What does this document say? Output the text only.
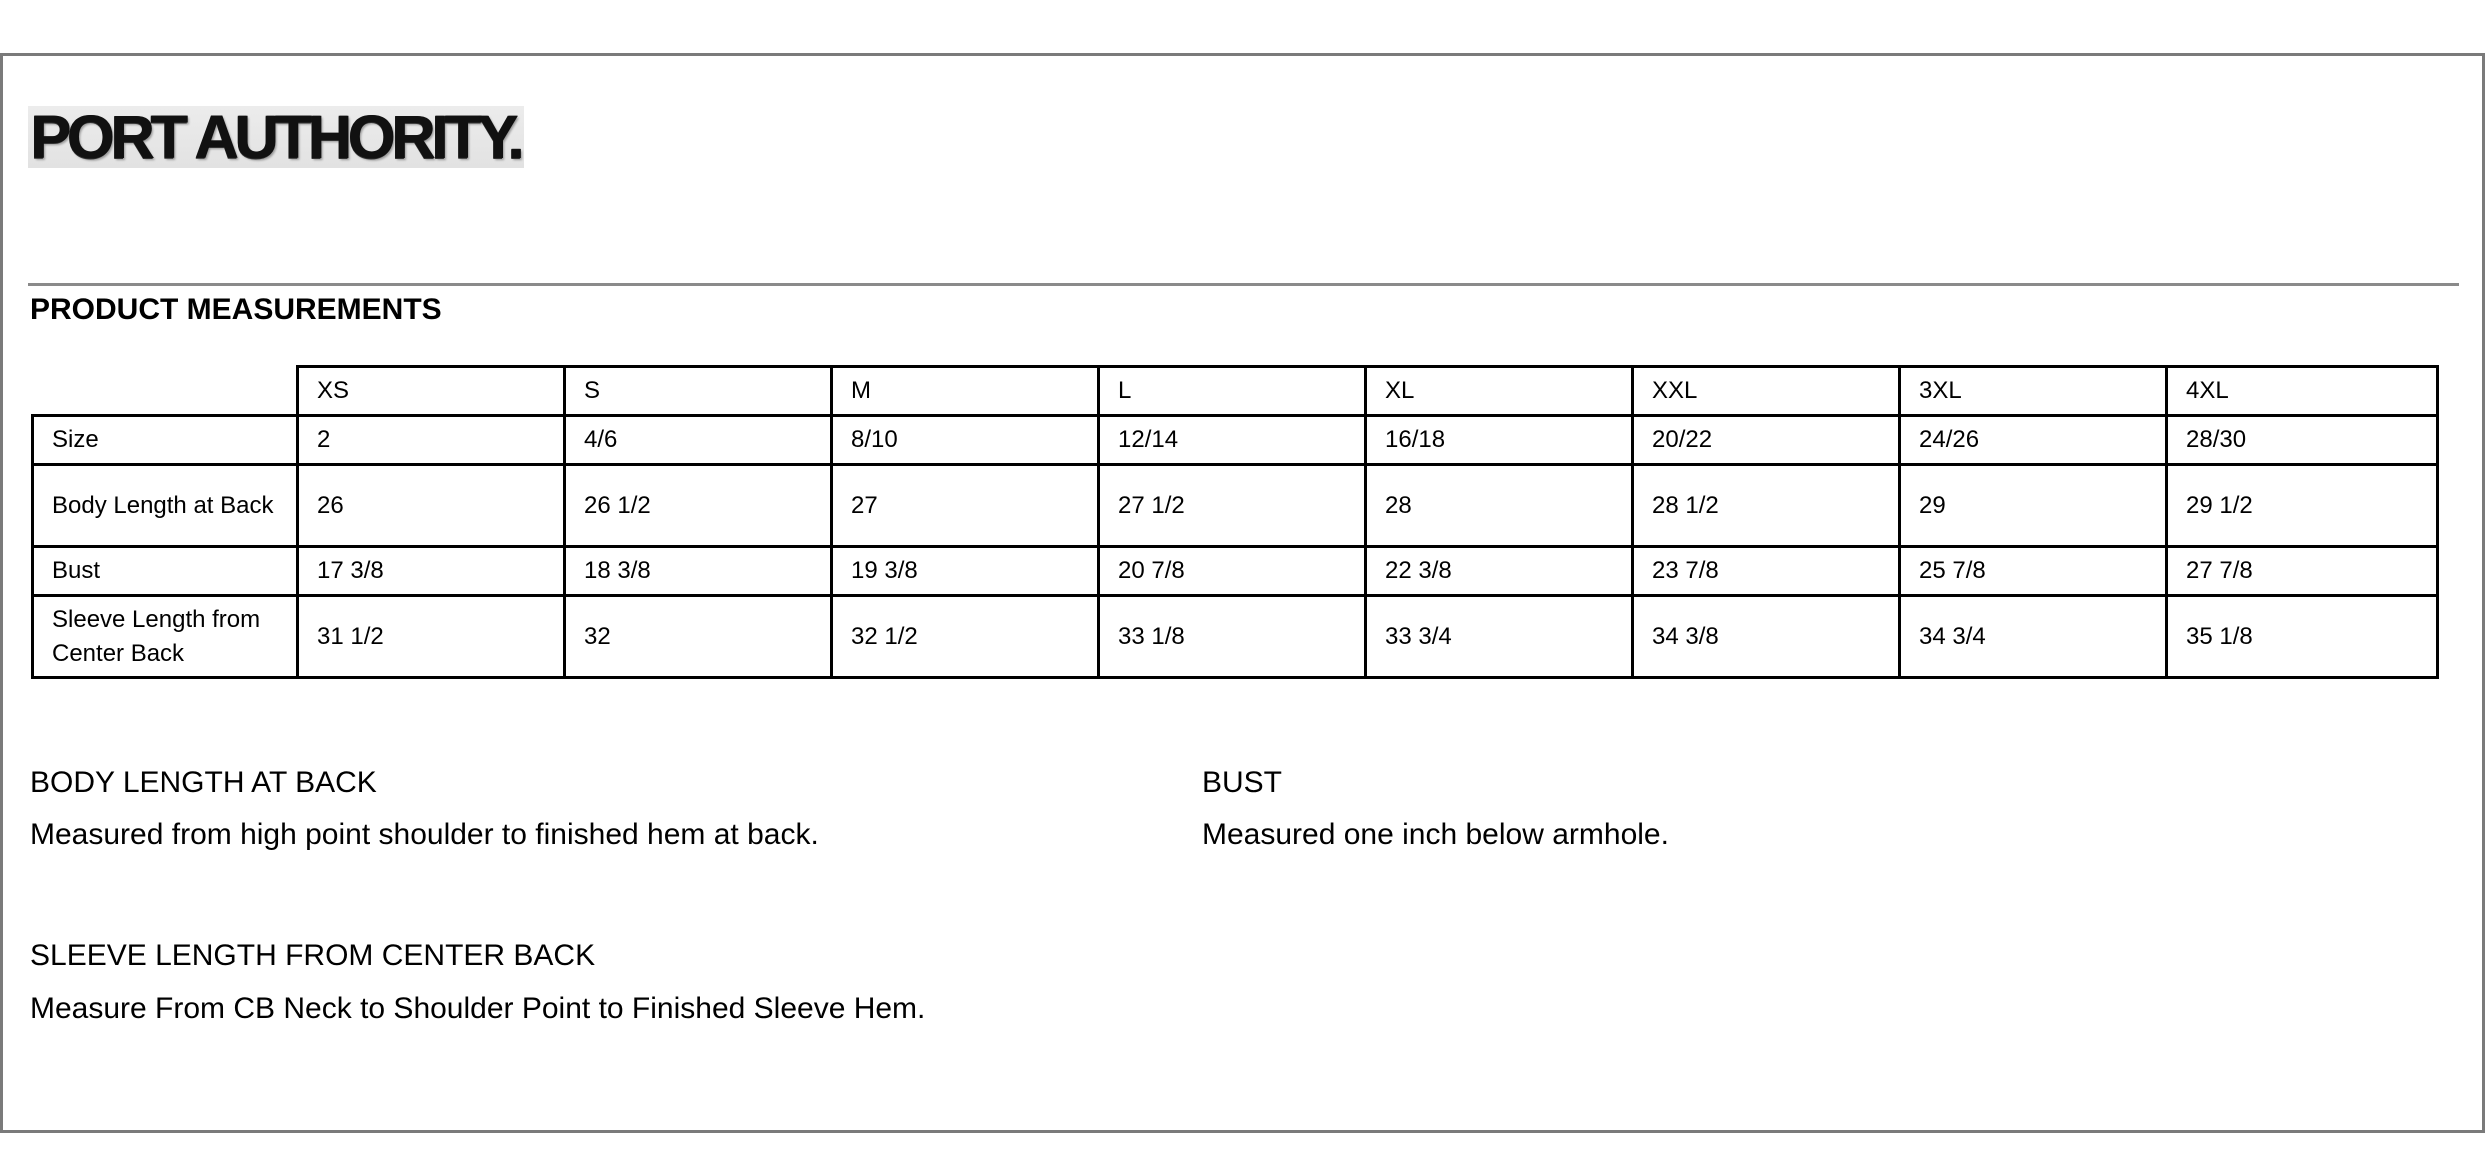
PORT AUTHORITY.
PRODUCT MEASUREMENTS
	XS	S	M	L	XL	XXL	3XL	4XL
Size	2	4/6	8/10	12/14	16/18	20/22	24/26	28/30
Body Length at Back	26	26 1/2	27	27 1/2	28	28 1/2	29	29 1/2
Bust	17 3/8	18 3/8	19 3/8	20 7/8	22 3/8	23 7/8	25 7/8	27 7/8
Sleeve Length from Center Back	31 1/2	32	32 1/2	33 1/8	33 3/4	34 3/8	34 3/4	35 1/8
BODY LENGTH AT BACK
Measured from high point shoulder to finished hem at back.
BUST
Measured one inch below armhole.
SLEEVE LENGTH FROM CENTER BACK
Measure From CB Neck to Shoulder Point to Finished Sleeve Hem.
